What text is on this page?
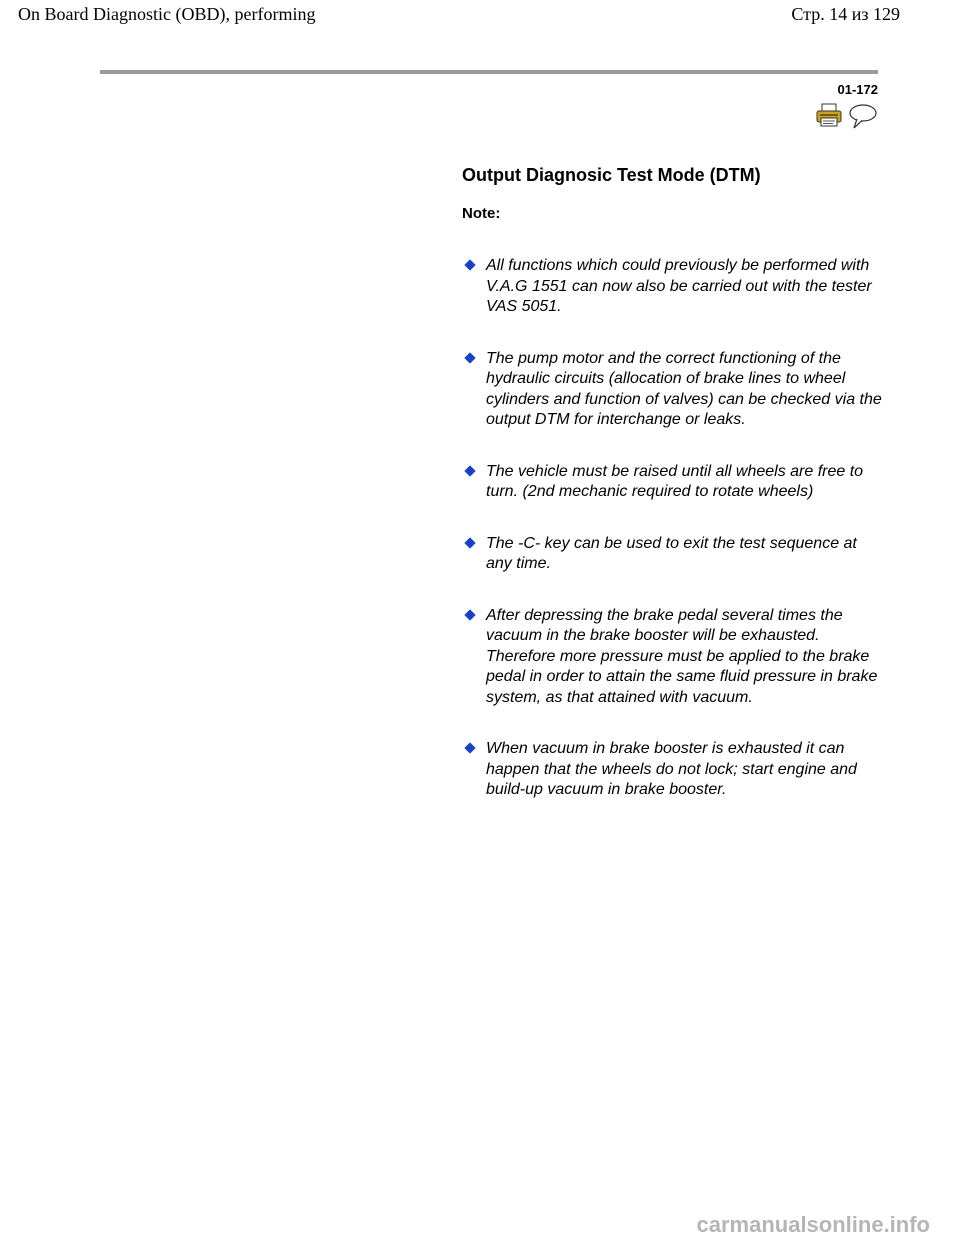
On Board Diagnostic (OBD), performing	Стр. 14 из 129
01-172
Output Diagnosic Test Mode (DTM)

Note:

All functions which could previously be performed with V.A.G 1551 can now also be carried out with the tester VAS 5051.
The pump motor and the correct functioning of the hydraulic circuits (allocation of brake lines to wheel cylinders and function of valves) can be checked via the output DTM for interchange or leaks.
The vehicle must be raised until all wheels are free to turn. (2nd mechanic required to rotate wheels)
The -C- key can be used to exit the test sequence at any time.
After depressing the brake pedal several times the vacuum in the brake booster will be exhausted. Therefore more pressure must be applied to the brake pedal in order to attain the same fluid pressure in brake system, as that attained with vacuum.
When vacuum in brake booster is exhausted it can happen that the wheels do not lock; start engine and build-up vacuum in brake booster.
carmanualsonline.info
